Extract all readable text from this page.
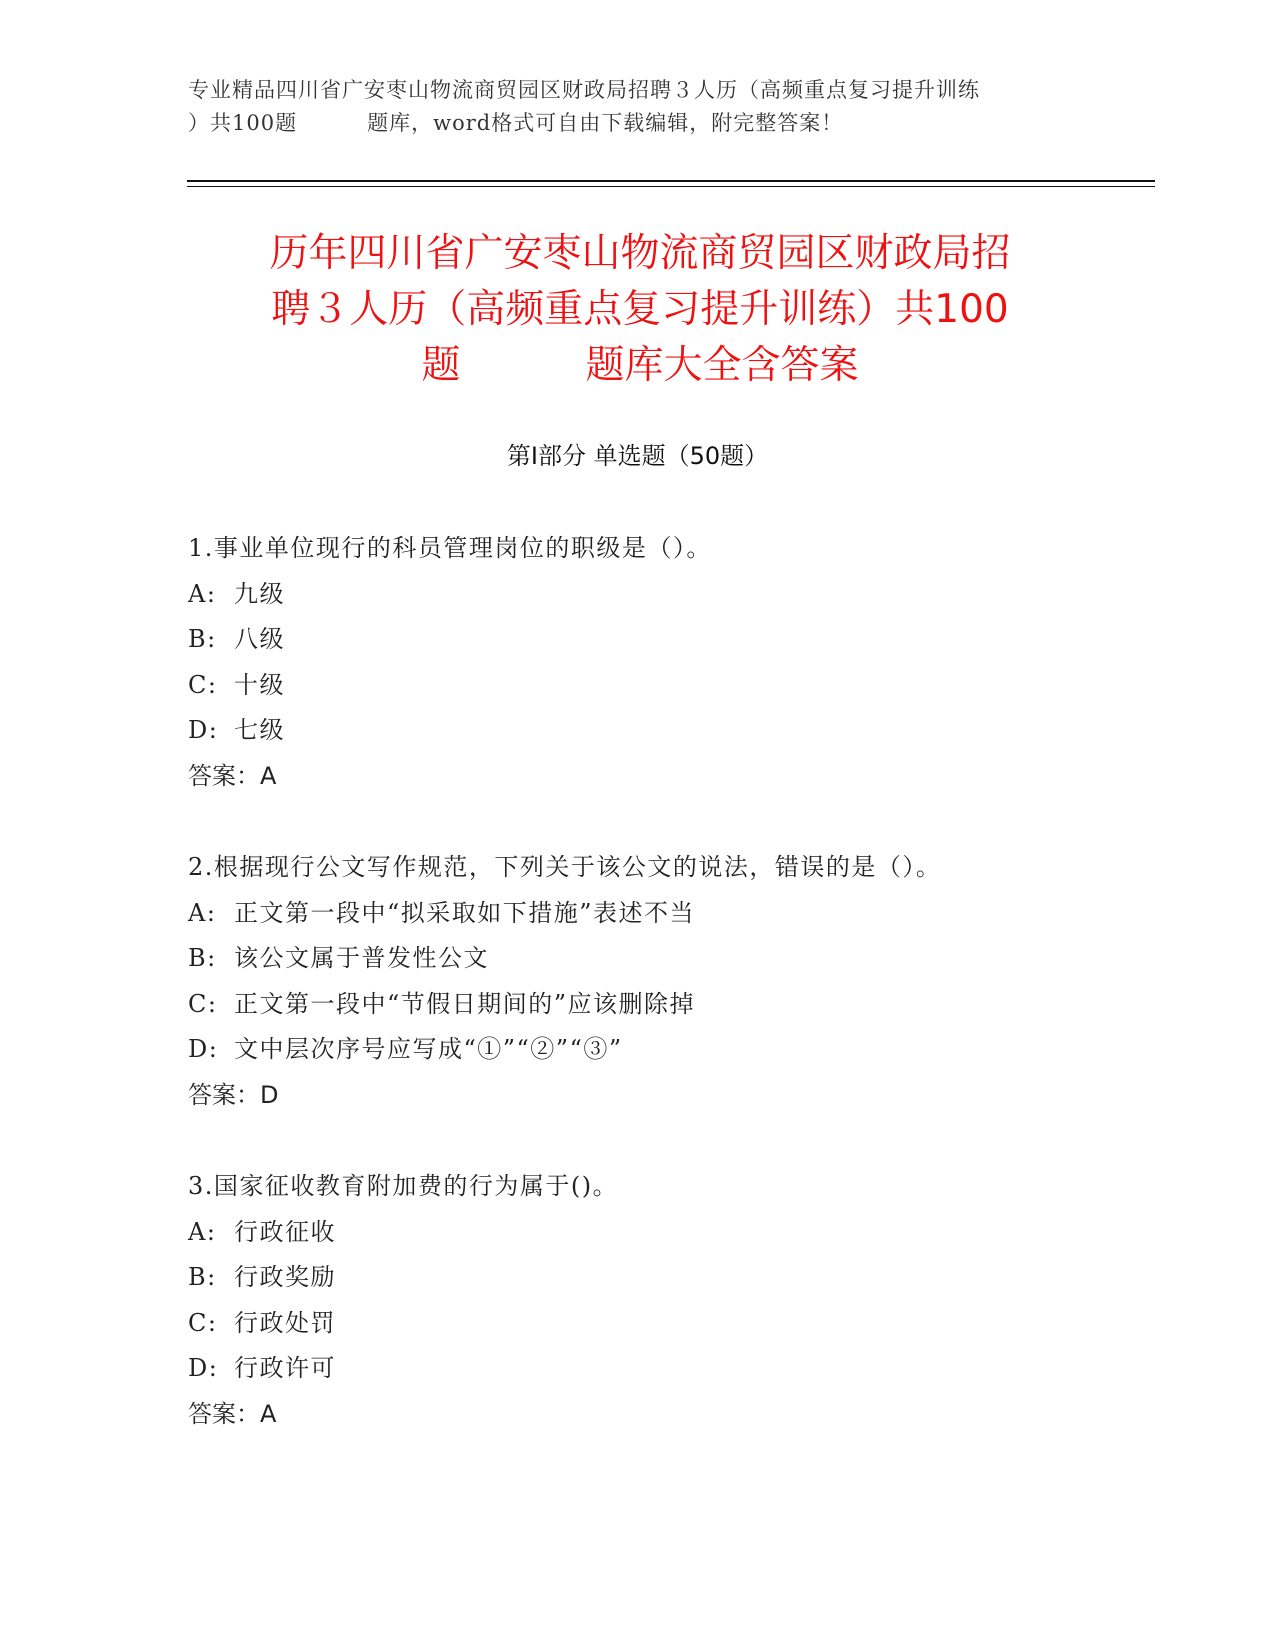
专业精品四川省广安枣山物流商贸园区财政局招聘３人历（高频重点复习提升训练
）共100题	题库，word格式可自由下载编辑，附完整答案！
历年四川省广安枣山物流商贸园区财政局招
聘３人历（高频重点复习提升训练）共100
题	题库大全含答案
第Ⅰ部分 单选题（50题）
1.事业单位现行的科员管理岗位的职级是（）。
A: 九级
B: 八级
C: 十级
D: 七级
答案：A
2.根据现行公文写作规范，下列关于该公文的说法，错误的是（）。
A: 正文第一段中“拟采取如下措施”表述不当
B: 该公文属于普发性公文
C: 正文第一段中“节假日期间的”应该删除掉
D: 文中层次序号应写成“①”“②”“③”
答案：D
3.国家征收教育附加费的行为属于()。
A: 行政征收
B: 行政奖励
C: 行政处罚
D: 行政许可
答案：A
